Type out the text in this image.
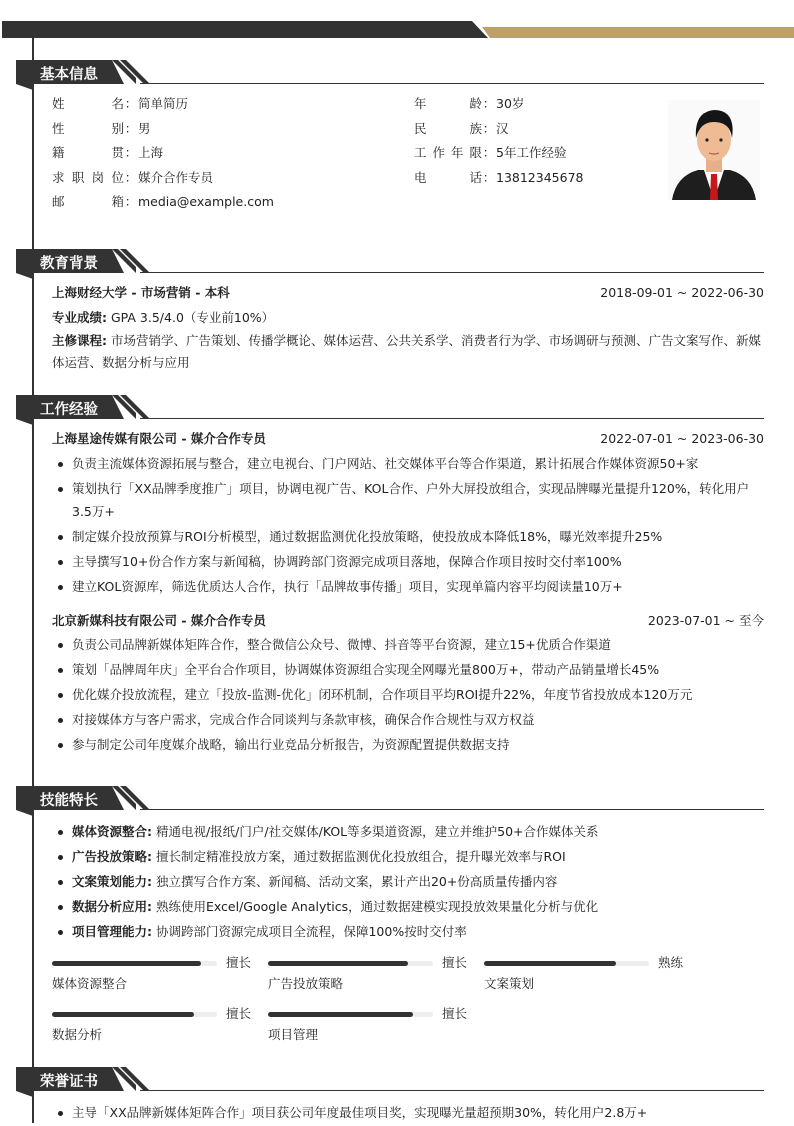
基本信息
姓	名 ： 简单简历
性	别 ： 男
籍	贯 ： 上海
求 职 岗 位 ： 媒介合作专员
邮	箱 ： media@example.com
年	龄 ： 30岁
民	族 ： 汉
工 作 年 限 ： 5年工作经验
电	话 ： 13812345678
教育背景
上海财经大学 - 市场营销 - 本科	2018-09-01 ~ 2022-06-30
专业成绩: GPA 3.5/4.0（专业前10%）
主修课程: 市场营销学、广告策划、传播学概论、媒体运营、公共关系学、消费者行为学、市场调研与预测、广告文案写作、新媒体运营、数据分析与应用
工作经验
上海星途传媒有限公司 - 媒介合作专员	2022-07-01 ~ 2023-06-30
负责主流媒体资源拓展与整合，建立电视台、门户网站、社交媒体平台等合作渠道，累计拓展合作媒体资源50+家
策划执行「XX品牌季度推广」项目，协调电视广告、KOL合作、户外大屏投放组合，实现品牌曝光量提升120%，转化用户3.5万+
制定媒介投放预算与ROI分析模型，通过数据监测优化投放策略，使投放成本降低18%，曝光效率提升25%
主导撰写10+份合作方案与新闻稿，协调跨部门资源完成项目落地，保障合作项目按时交付率100%
建立KOL资源库，筛选优质达人合作，执行「品牌故事传播」项目，实现单篇内容平均阅读量10万+
北京新媒科技有限公司 - 媒介合作专员	2023-07-01 ~ 至今
负责公司品牌新媒体矩阵合作，整合微信公众号、微博、抖音等平台资源，建立15+优质合作渠道
策划「品牌周年庆」全平台合作项目，协调媒体资源组合实现全网曝光量800万+，带动产品销量增长45%
优化媒介投放流程，建立「投放-监测-优化」闭环机制，合作项目平均ROI提升22%，年度节省投放成本120万元
对接媒体方与客户需求，完成合作合同谈判与条款审核，确保合作合规性与双方权益
参与制定公司年度媒介战略，输出行业竞品分析报告，为资源配置提供数据支持
技能特长
媒体资源整合: 精通电视/报纸/门户/社交媒体/KOL等多渠道资源，建立并维护50+合作媒体关系
广告投放策略: 擅长制定精准投放方案，通过数据监测优化投放组合，提升曝光效率与ROI
文案策划能力: 独立撰写合作方案、新闻稿、活动文案，累计产出20+份高质量传播内容
数据分析应用: 熟练使用Excel/Google Analytics，通过数据建模实现投放效果量化分析与优化
项目管理能力: 协调跨部门资源完成项目全流程，保障100%按时交付率
擅长
媒体资源整合
擅长
广告投放策略
熟练
文案策划
擅长
数据分析
擅长
项目管理
荣誉证书
主导「XX品牌新媒体矩阵合作」项目获公司年度最佳项目奖，实现曝光量超预期30%，转化用户2.8万+
